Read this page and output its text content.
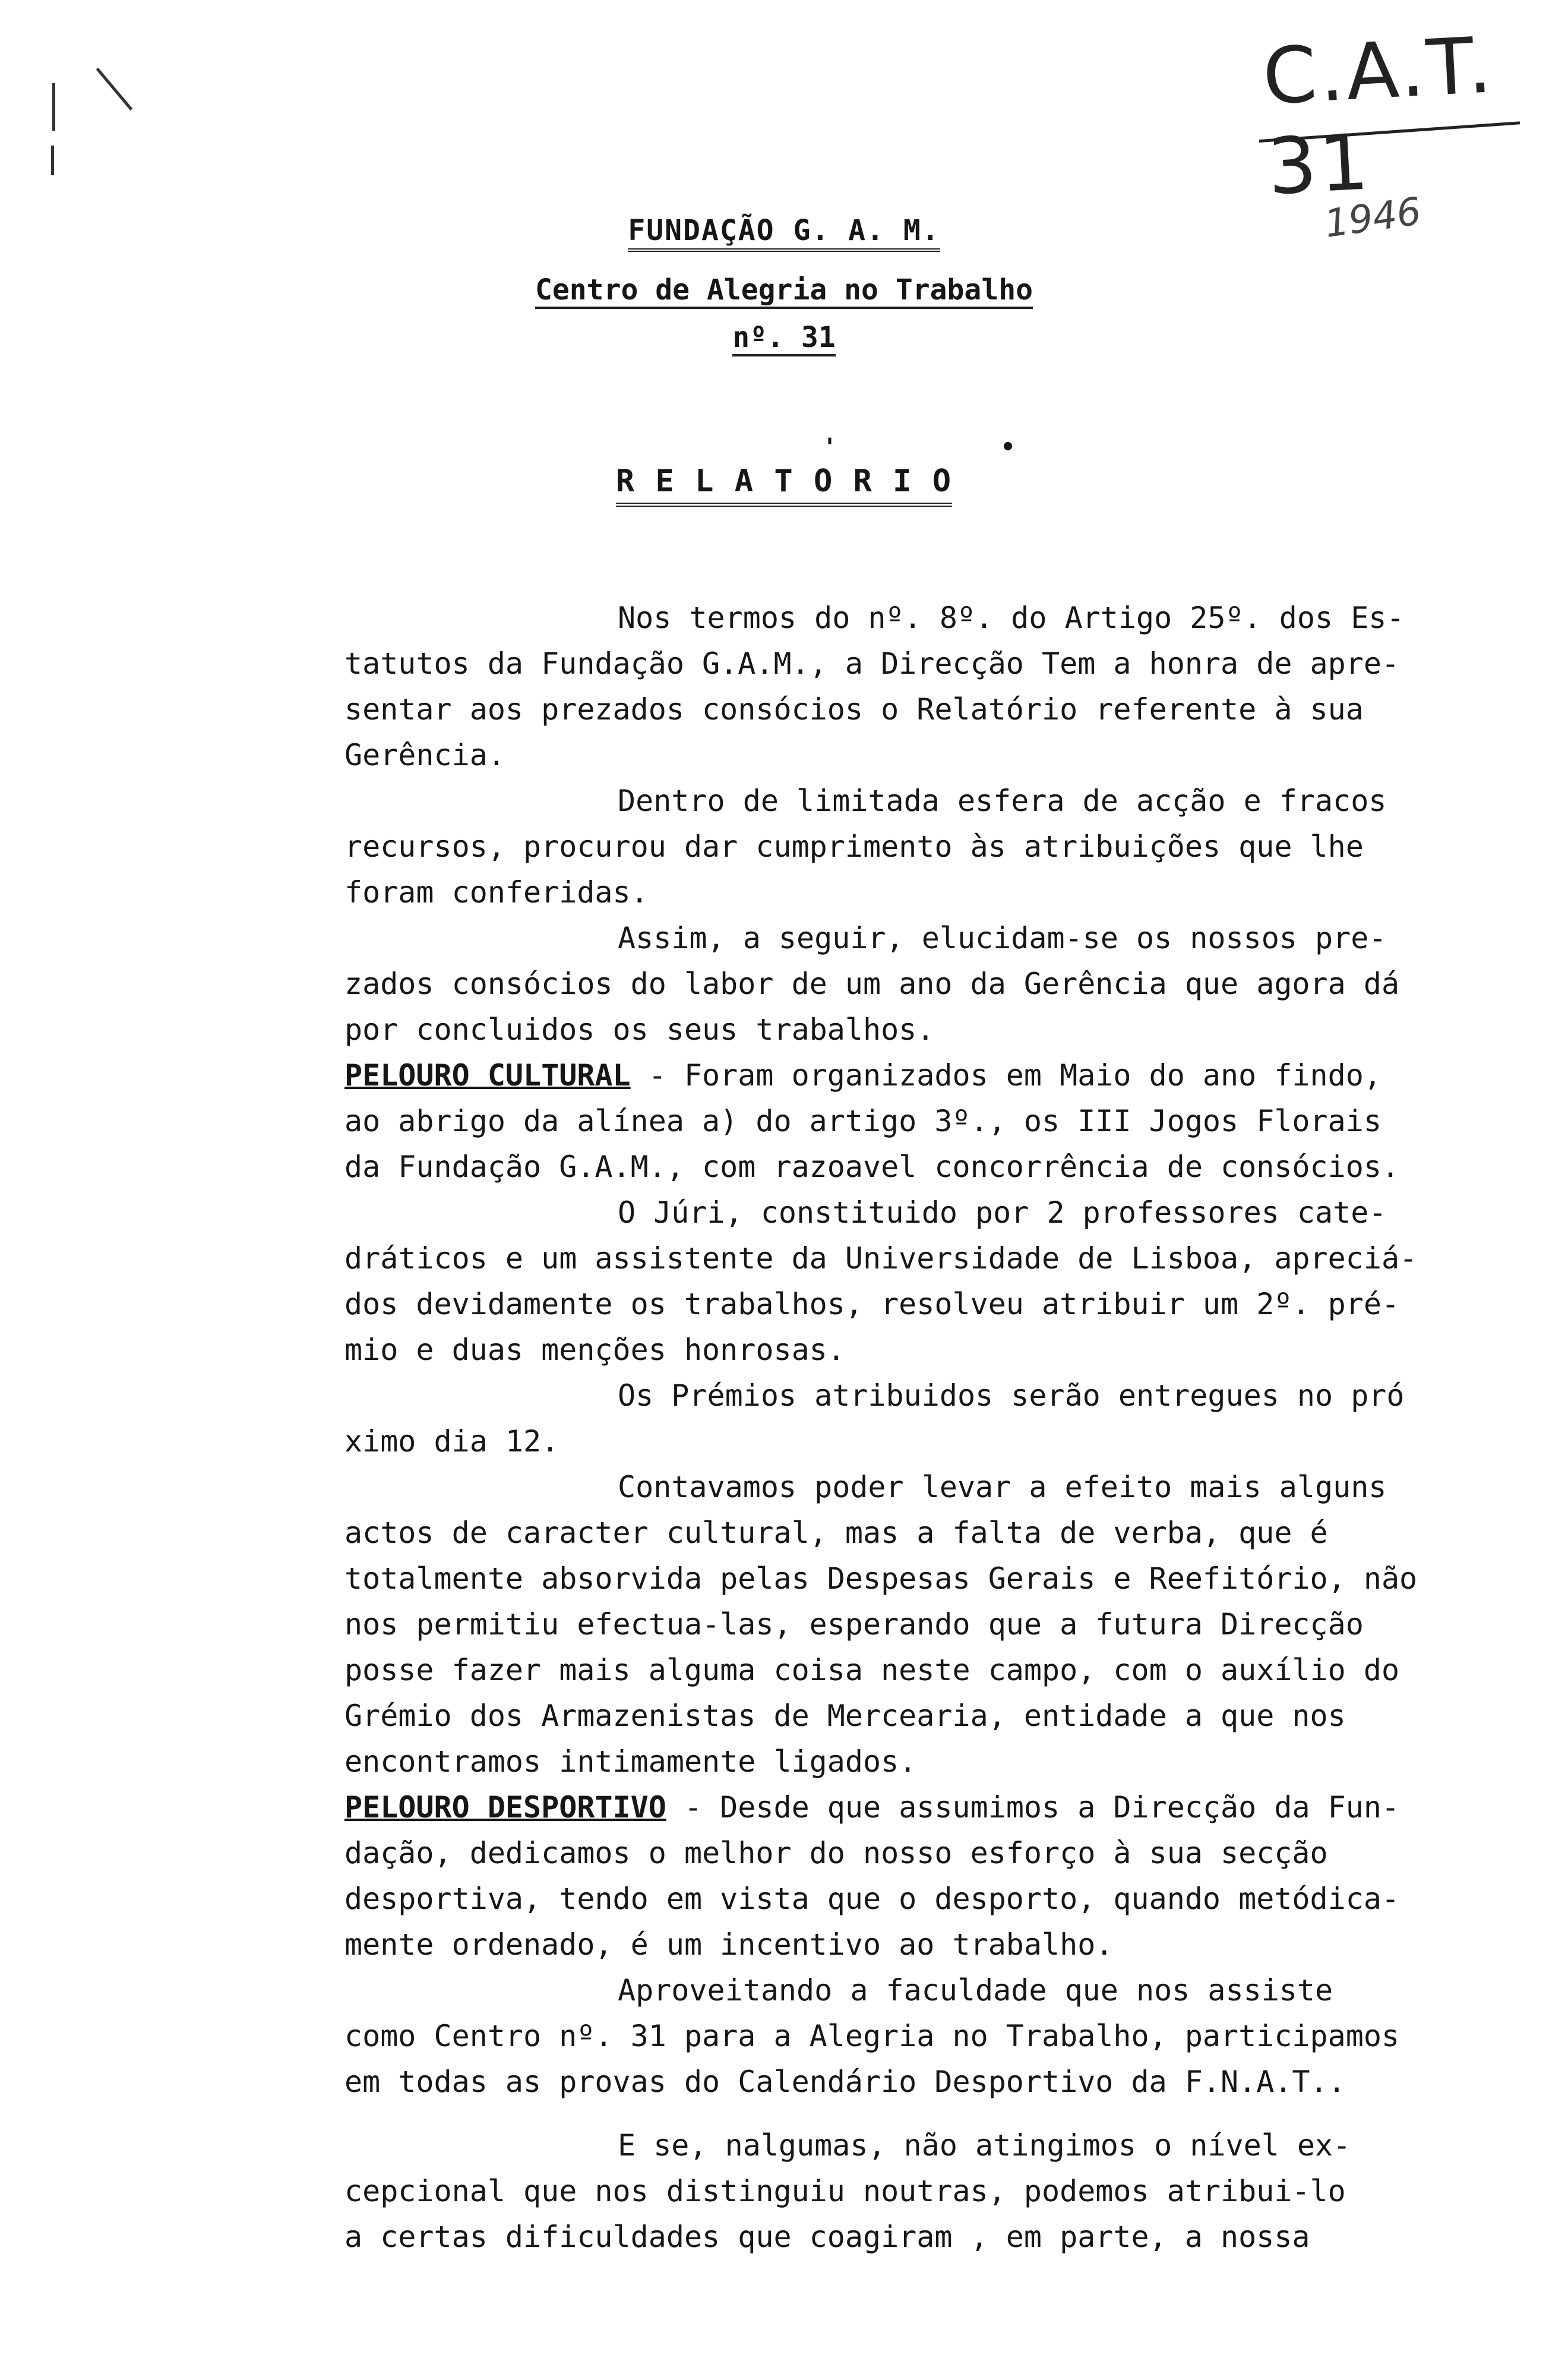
C.A.T. 31
1946
FUNDAÇÃO G. A. M.
Centro de Alegria no Trabalho
nº. 31
'	•
R E L A T O R I O
Nos termos do nº. 8º. do Artigo 25º. dos Es-
tatutos da Fundação G.A.M., a Direcção Tem a honra de apre-
sentar aos prezados consócios o Relatório referente à sua
Gerência.
Dentro de limitada esfera de acção e fracos
recursos, procurou dar cumprimento às atribuições que lhe
foram conferidas.
Assim, a seguir, elucidam-se os nossos pre-
zados consócios do labor de um ano da Gerência que agora dá
por concluidos os seus trabalhos.
PELOURO CULTURAL - Foram organizados em Maio do ano findo,
ao abrigo da alínea a) do artigo 3º., os III Jogos Florais
da Fundação G.A.M., com razoavel concorrência de consócios.
O Júri, constituido por 2 professores cate-
dráticos e um assistente da Universidade de Lisboa, apreciá-
dos devidamente os trabalhos, resolveu atribuir um 2º. pré-
mio e duas menções honrosas.
Os Prémios atribuidos serão entregues no pró
ximo dia 12.
Contavamos poder levar a efeito mais alguns
actos de caracter cultural, mas a falta de verba, que é
totalmente absorvida pelas Despesas Gerais e Reefitório, não
nos permitiu efectua-las, esperando que a futura Direcção
posse fazer mais alguma coisa neste campo, com o auxílio do
Grémio dos Armazenistas de Mercearia, entidade a que nos
encontramos intimamente ligados.
PELOURO DESPORTIVO - Desde que assumimos a Direcção da Fun-
dação, dedicamos o melhor do nosso esforço à sua secção
desportiva, tendo em vista que o desporto, quando metódica-
mente ordenado, é um incentivo ao trabalho.
Aproveitando a faculdade que nos assiste
como Centro nº. 31 para a Alegria no Trabalho, participamos
em todas as provas do Calendário Desportivo da F.N.A.T..
E se, nalgumas, não atingimos o nível ex-
cepcional que nos distinguiu noutras, podemos atribui-lo
a certas dificuldades que coagiram , em parte, a nossa
